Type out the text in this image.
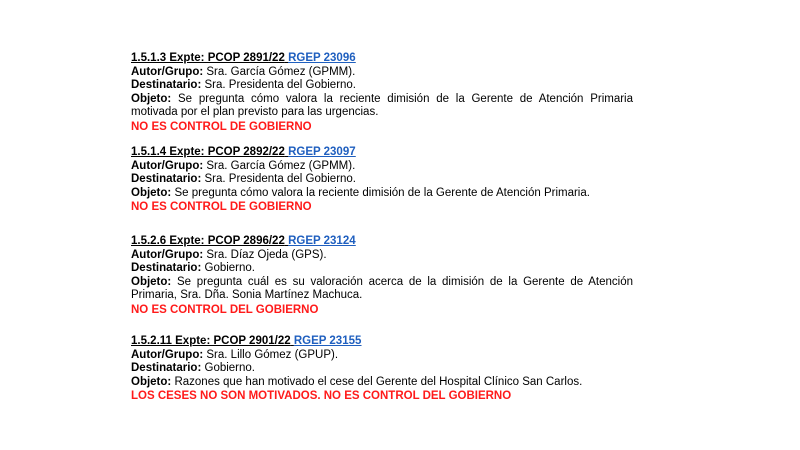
1.5.1.3 Expte: PCOP 2891/22 RGEP 23096
Autor/Grupo: Sra. García Gómez (GPMM).
Destinatario: Sra. Presidenta del Gobierno.
Objeto: Se pregunta cómo valora la reciente dimisión de la Gerente de Atención Primaria motivada por el plan previsto para las urgencias.
NO ES CONTROL DE GOBIERNO
1.5.1.4 Expte: PCOP 2892/22 RGEP 23097
Autor/Grupo: Sra. García Gómez (GPMM).
Destinatario: Sra. Presidenta del Gobierno.
Objeto: Se pregunta cómo valora la reciente dimisión de la Gerente de Atención Primaria.
NO ES CONTROL DE GOBIERNO
1.5.2.6 Expte: PCOP 2896/22 RGEP 23124
Autor/Grupo: Sra. Díaz Ojeda (GPS).
Destinatario: Gobierno.
Objeto: Se pregunta cuál es su valoración acerca de la dimisión de la Gerente de Atención Primaria, Sra. Dña. Sonia Martínez Machuca.
NO ES CONTROL DEL GOBIERNO
1.5.2.11 Expte: PCOP 2901/22 RGEP 23155
Autor/Grupo: Sra. Lillo Gómez (GPUP).
Destinatario: Gobierno.
Objeto: Razones que han motivado el cese del Gerente del Hospital Clínico San Carlos.
LOS CESES NO SON MOTIVADOS. NO ES CONTROL DEL GOBIERNO
